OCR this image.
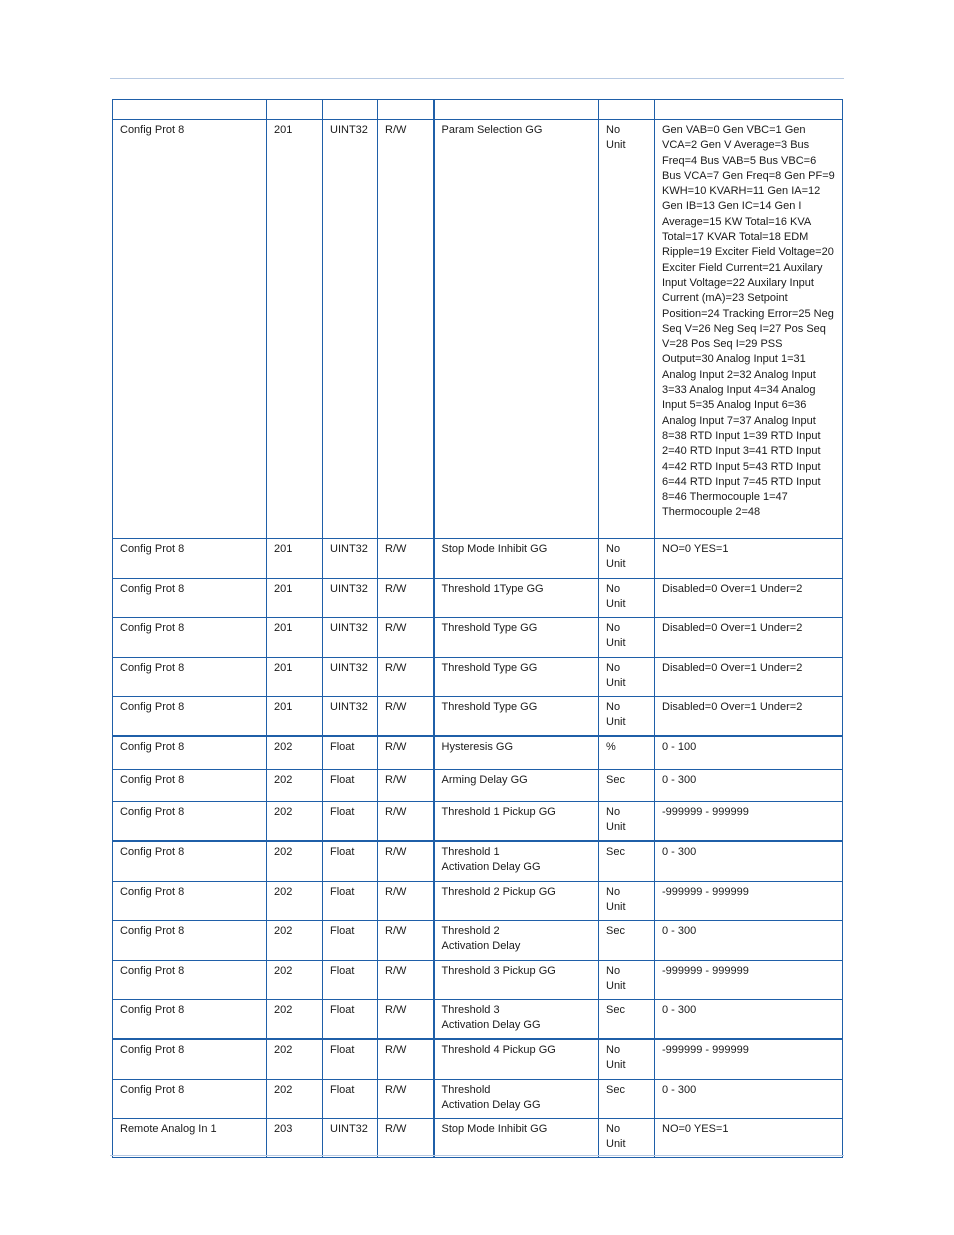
Config Prot 8	201	UINT32	R/W	Param Selection GG	No
Unit	Gen VAB=0 Gen VBC=1 Gen VCA=2 Gen V Average=3 Bus Freq=4 Bus VAB=5 Bus VBC=6 Bus VCA=7 Gen Freq=8 Gen PF=9 KWH=10 KVARH=11 Gen IA=12 Gen IB=13 Gen IC=14 Gen I Average=15 KW Total=16 KVA Total=17 KVAR Total=18 EDM Ripple=19 Exciter Field Voltage=20 Exciter Field Current=21 Auxilary Input Voltage=22 Auxilary Input Current (mA)=23 Setpoint Position=24 Tracking Error=25 Neg Seq V=26 Neg Seq I=27 Pos Seq V=28 Pos Seq I=29 PSS Output=30 Analog Input 1=31 Analog Input 2=32 Analog Input 3=33 Analog Input 4=34 Analog Input 5=35 Analog Input 6=36 Analog Input 7=37 Analog Input 8=38 RTD Input 1=39 RTD Input 2=40 RTD Input 3=41 RTD Input 4=42 RTD Input 5=43 RTD Input 6=44 RTD Input 7=45 RTD Input 8=46 Thermocouple 1=47 Thermocouple 2=48
Config Prot 8	201	UINT32	R/W	Stop Mode Inhibit GG	No
Unit	NO=0 YES=1
Config Prot 8	201	UINT32	R/W	Threshold 1Type GG	No
Unit	Disabled=0 Over=1 Under=2
Config Prot 8	201	UINT32	R/W	Threshold Type GG	No
Unit	Disabled=0 Over=1 Under=2
Config Prot 8	201	UINT32	R/W	Threshold Type GG	No
Unit	Disabled=0 Over=1 Under=2
Config Prot 8	201	UINT32	R/W	Threshold Type GG	No
Unit	Disabled=0 Over=1 Under=2
Config Prot 8	202	Float	R/W	Hysteresis GG	%	0 - 100
Config Prot 8	202	Float	R/W	Arming Delay GG	Sec	0 - 300
Config Prot 8	202	Float	R/W	Threshold 1 Pickup GG	No
Unit	-999999 - 999999
Config Prot 8	202	Float	R/W	Threshold 1
Activation Delay GG	Sec	0 - 300
Config Prot 8	202	Float	R/W	Threshold 2 Pickup GG	No
Unit	-999999 - 999999
Config Prot 8	202	Float	R/W	Threshold 2
Activation Delay	Sec	0 - 300
Config Prot 8	202	Float	R/W	Threshold 3 Pickup GG	No
Unit	-999999 - 999999
Config Prot 8	202	Float	R/W	Threshold 3
Activation Delay GG	Sec	0 - 300
Config Prot 8	202	Float	R/W	Threshold 4 Pickup GG	No
Unit	-999999 - 999999
Config Prot 8	202	Float	R/W	Threshold
Activation Delay GG	Sec	0 - 300
Remote Analog In 1	203	UINT32	R/W	Stop Mode Inhibit GG	No
Unit	NO=0 YES=1
